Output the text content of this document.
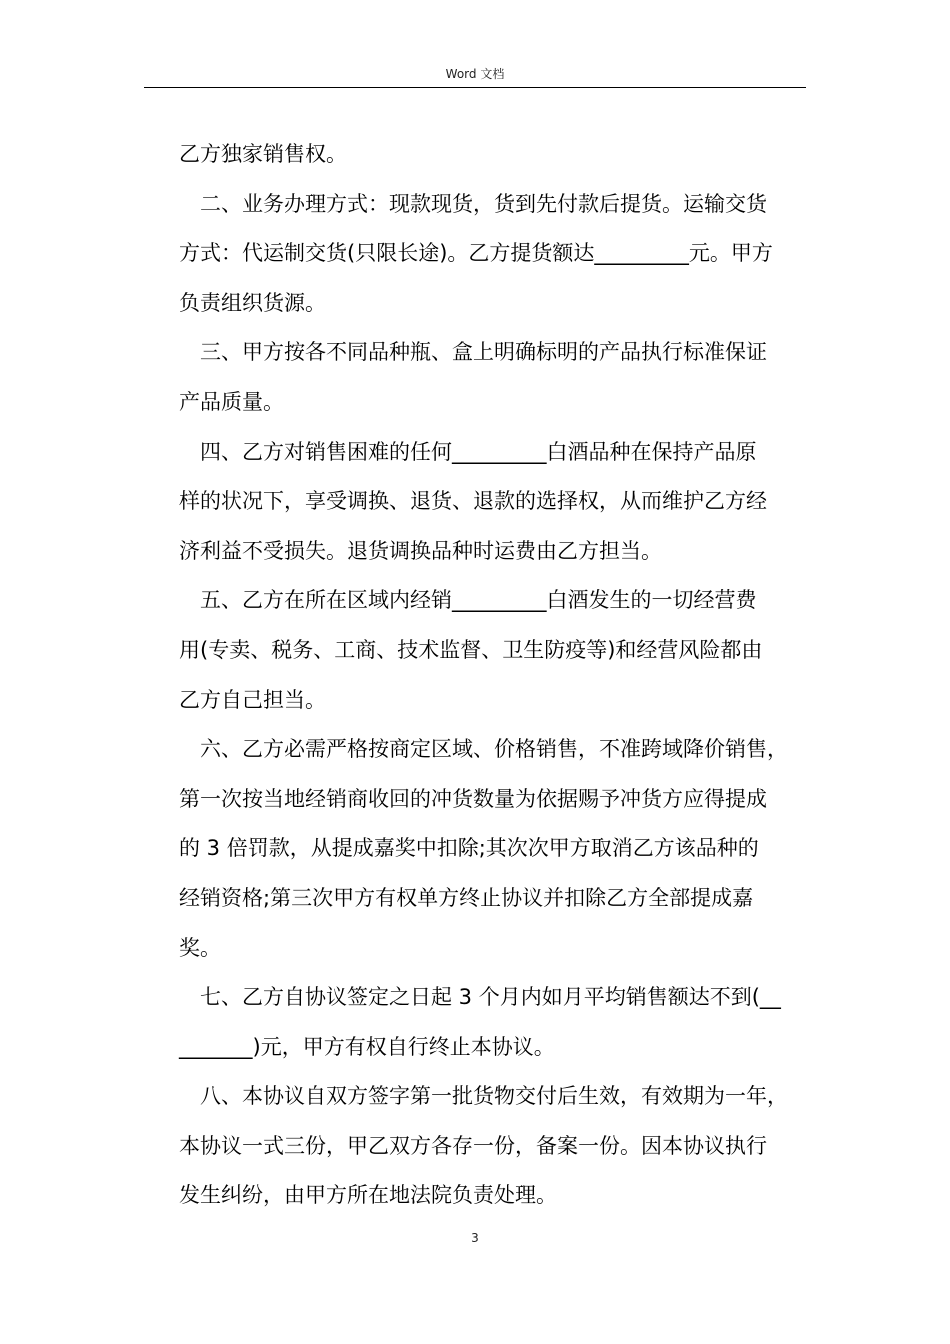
Word 文档
乙方独家销售权。
二、业务办理方式：现款现货，货到先付款后提货。运输交货
方式：代运制交货(只限长途)。乙方提货额达_________元。甲方
负责组织货源。
三、甲方按各不同品种瓶、盒上明确标明的产品执行标准保证
产品质量。
四、乙方对销售困难的任何_________白酒品种在保持产品原
样的状况下，享受调换、退货、退款的选择权，从而维护乙方经
济利益不受损失。退货调换品种时运费由乙方担当。
五、乙方在所在区域内经销_________白酒发生的一切经营费
用(专卖、税务、工商、技术监督、卫生防疫等)和经营风险都由
乙方自己担当。
六、乙方必需严格按商定区域、价格销售，不准跨域降价销售，
第一次按当地经销商收回的冲货数量为依据赐予冲货方应得提成
的 3 倍罚款，从提成嘉奖中扣除;其次次甲方取消乙方该品种的
经销资格;第三次甲方有权单方终止协议并扣除乙方全部提成嘉
奖。
七、乙方自协议签定之日起 3 个月内如月平均销售额达不到(__
_______)元，甲方有权自行终止本协议。
八、本协议自双方签字第一批货物交付后生效，有效期为一年，
本协议一式三份，甲乙双方各存一份，备案一份。因本协议执行
发生纠纷，由甲方所在地法院负责处理。
3
